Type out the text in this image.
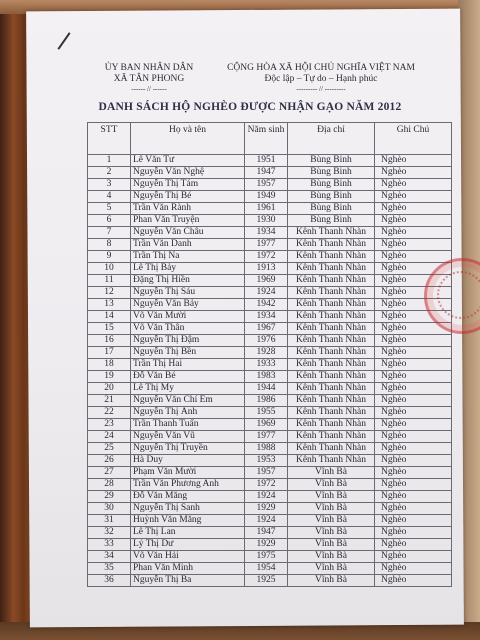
ỦY BAN NHÂN DÂN
XÃ TÂN PHONG
------ // ------
CỘNG HÒA XÃ HỘI CHỦ NGHĨA VIỆT NAM
Độc lập – Tự do – Hạnh phúc
--------- // ---------
DANH SÁCH HỘ NGHÈO ĐƯỢC NHẬN GẠO NĂM 2012
STT	Họ và tên	Năm sinh	Địa chỉ	Ghi Chú
1	Lê Văn Tư	1951	Bùng Binh	Nghèo
2	Nguyễn Văn Nghệ	1947	Bùng Binh	Nghèo
3	Nguyễn Thị Tám	1957	Bùng Binh	Nghèo
4	Nguyễn Thị Bé	1949	Bùng Binh	Nghèo
5	Trần Văn Rành	1961	Bùng Binh	Nghèo
6	Phan Văn Truyện	1930	Bùng Binh	Nghèo
7	Nguyễn Văn Châu	1934	Kênh Thanh Nhàn	Nghèo
8	Trần Văn Danh	1977	Kênh Thanh Nhàn	Nghèo
9	Trần Thị Na	1972	Kênh Thanh Nhàn	Nghèo
10	Lê Thị Bảy	1913	Kênh Thanh Nhàn	Nghèo
11	Đặng Thị Hiền	1969	Kênh Thanh Nhàn	Nghèo
12	Nguyễn Thị Sáu	1924	Kênh Thanh Nhàn	Nghèo
13	Nguyễn Văn Bảy	1942	Kênh Thanh Nhàn	Nghèo
14	Võ Văn Mười	1934	Kênh Thanh Nhàn	Nghèo
15	Võ Văn Thân	1967	Kênh Thanh Nhàn	Nghèo
16	Nguyễn Thị Đậm	1976	Kênh Thanh Nhàn	Nghèo
17	Nguyễn Thị Bền	1928	Kênh Thanh Nhàn	Nghèo
18	Trần Thị Hai	1933	Kênh Thanh Nhàn	Nghèo
19	Đỗ Văn Bé	1983	Kênh Thanh Nhàn	Nghèo
20	Lê Thị My	1944	Kênh Thanh Nhàn	Nghèo
21	Nguyễn Văn Chí Em	1986	Kênh Thanh Nhàn	Nghèo
22	Nguyễn Thị Ánh	1955	Kênh Thanh Nhàn	Nghèo
23	Trần Thanh Tuấn	1969	Kênh Thanh Nhàn	Nghèo
24	Nguyễn Văn Vũ	1977	Kênh Thanh Nhàn	Nghèo
25	Nguyễn Thị Truyền	1988	Kênh Thanh Nhàn	Nghèo
26	Hà Duy	1953	Kênh Thanh Nhàn	Nghèo
27	Phạm Văn Mười	1957	Vĩnh Bà	Nghèo
28	Trần Văn Phương Anh	1972	Vĩnh Bà	Nghèo
29	Đỗ Văn Măng	1924	Vĩnh Bà	Nghèo
30	Nguyễn Thị Sanh	1929	Vĩnh Bà	Nghèo
31	Huỳnh Văn Măng	1924	Vĩnh Bà	Nghèo
32	Lê Thị Lan	1947	Vĩnh Bà	Nghèo
33	Lý Thị Dư	1929	Vĩnh Bà	Nghèo
34	Võ Văn Hải	1975	Vĩnh Bà	Nghèo
35	Phan Văn Minh	1954	Vĩnh Bà	Nghèo
36	Nguyễn Thị Ba	1925	Vĩnh Bà	Nghèo
